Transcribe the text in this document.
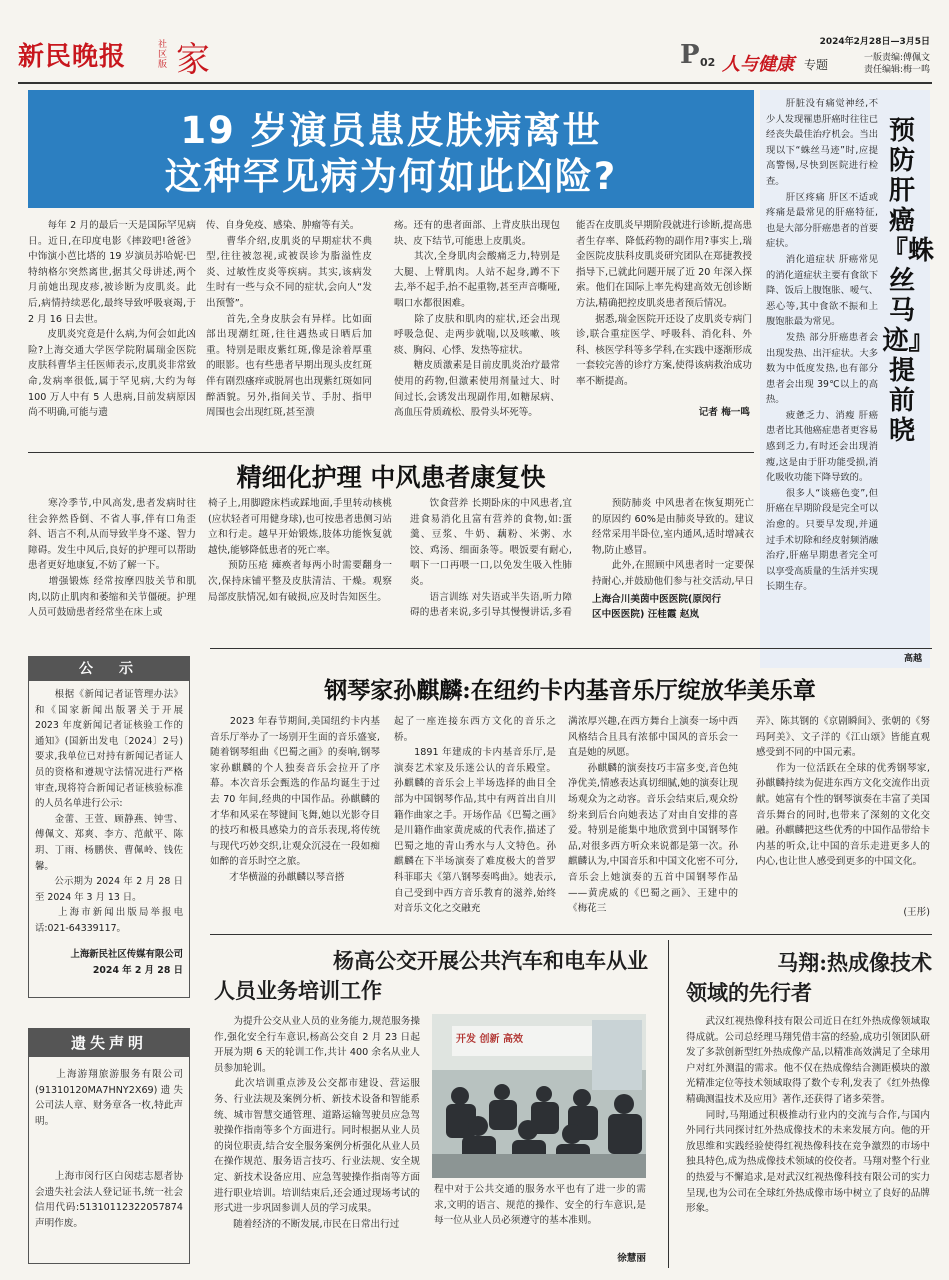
新民晚报	社区版 家	P 02 人与健康 专题
2024年2月28日—3月5日
一版责编:傅佩文
责任编辑:梅一鸣
19 岁演员患皮肤病离世
这种罕见病为何如此凶险?
　　每年 2 月的最后一天是国际罕见病日。近日,在印度电影《摔跤吧!爸爸》中饰演小芭比塔的 19 岁演员苏哈妮·巴特纳格尔突然离世,据其父母讲述,两个月前她出现皮疹,被诊断为皮肌炎。此后,病情持续恶化,最终导致呼吸衰竭,于 2 月 16 日去世。
　　皮肌炎究竟是什么病,为何会如此凶险?上海交通大学医学院附属瑞金医院皮肤科曹华主任医师表示,皮肌炎非常致命,发病率很低,属于罕见病,大约为每 100 万人中有 5 人患病,目前发病原因尚不明确,可能与遗
传、自身免疫、感染、肿瘤等有关。
　　曹华介绍,皮肌炎的早期症状不典型,往往被忽视,或被误诊为脂溢性皮炎、过敏性皮炎等疾病。其实,该病发生时有一些与众不同的症状,会向人“发出预警”。
　　首先,全身皮肤会有异样。比如面部出现潮红斑,往往遇热或日晒后加重。特别是眼皮紫红斑,像是涂着厚重的眼影。也有些患者早期出现头皮红斑伴有剧烈瘙痒或脱屑也出现紫红斑如同醉酒貌。另外,指间关节、手肘、指甲周围也会出现红斑,甚至溃
疡。还有的患者面部、上背皮肤出现包块、皮下结节,可能患上皮肌炎。
　　其次,全身肌肉会酸痛乏力,特别是大腿、上臂肌肉。人站不起身,蹲不下去,举不起手,抬不起重物,甚至声音嘶哑,咽口水都很困难。
　　除了皮肤和肌肉的症状,还会出现呼吸急促、走两步就喘,以及咳嗽、咳痰、胸闷、心悸、发热等症状。
　　糖皮质激素是目前皮肌炎治疗最常使用的药物,但激素使用剂量过大、时间过长,会诱发出现副作用,如糖尿病、高血压骨质疏松、股骨头坏死等。
能否在皮肌炎早期阶段就进行诊断,提高患者生存率、降低药物的副作用?事实上,瑞金医院皮肤科皮肌炎研究团队在郑捷教授指导下,已就此问题开展了近 20 年深入探索。他们在国际上率先构建高效无创诊断方法,精确把控皮肌炎患者预后情况。
　　据悉,瑞金医院开还设了皮肌炎专病门诊,联合重症医学、呼吸科、消化科、外科、核医学科等多学科,在实践中逐渐形成一套较完善的诊疗方案,使得该病救治成功率不断提高。
记者 梅一鸣
预防肝癌『蛛丝马迹』提前晓
　　肝脏没有痛觉神经,不少人发现罹患肝癌时往往已经丧失最佳治疗机会。当出现以下“蛛丝马迹”时,应提高警惕,尽快到医院进行检查。
　　肝区疼痛 肝区不适或疼痛是最常见的肝癌特征,也是大部分肝癌患者的首要症状。
　　消化道症状 肝癌常见的消化道症状主要有食欲下降、饭后上腹饱胀、嗳气、恶心等,其中食欲不振和上腹饱胀最为常见。
　　发热 部分肝癌患者会出现发热、出汗症状。大多数为中低度发热,也有部分患者会出现 39℃以上的高热。
　　疲惫乏力、消瘦 肝癌患者比其他癌症患者更容易感到乏力,有时还会出现消瘦,这是由于肝功能受损,消化吸收功能下降导致的。
　　很多人“谈癌色变”,但肝癌在早期阶段是完全可以治愈的。只要早发现,并通过手术切除和经皮射频消融治疗,肝癌早期患者完全可以享受高质量的生活并实现长期生存。
高越
精细化护理 中风患者康复快
　　寒冷季节,中风高发,患者发病时往往会猝然昏倒、不省人事,伴有口角歪斜、语言不利,从而导致半身不遂、智力障碍。发生中风后,良好的护理可以帮助患者更好地康复,不妨了解一下。
　　增强锻炼 经常按摩四肢关节和肌肉,以防止肌肉和萎缩和关节僵硬。护理人员可鼓励患者经常坐在床上或
椅子上,用脚蹬床档或踩地面,手里转动核桃(应状轻者可用健身球),也可按患者患侧习站立和行走。越早开始锻炼,肢体功能恢复就越快,能够降低患者的死亡率。
　　预防压疮 瘫痪者每两小时需要翻身一次,保持床铺平整及皮肤清洁、干燥。观察局部皮肤情况,如有破损,应及时告知医生。
　　饮食营养 长期卧床的中风患者,宜进食易消化且富有营养的食物,如:蛋羹、豆浆、牛奶、藕粉、米粥、水饺、鸡汤、细面条等。喂饭要有耐心,咽下一口再喂一口,以免发生吸入性肺炎。
　　语言训练 对失语或半失语,听力障碍的患者来说,多引导其慢慢讲话,多看
　　预防肺炎 中风患者在恢复期死亡的原因约 60%是由肺炎导致的。建议经常采用半卧位,室内通风,适时增减衣物,防止感冒。
　　此外,在照顾中风患者时一定要保持耐心,并鼓励他们参与社交活动,早日
上海合川美茵中医医院(原闵行
区中医医院) 汪桂霞 赵岚
公　示
　　根据《新闻记者证管理办法》和《国家新闻出版署关于开展 2023 年度新闻记者证核验工作的通知》(国新出发电〔2024〕2号)要求,我单位已对持有新闻记者证人员的资格和遵规守法情况进行严格审查,现将符合新闻记者证核验标准的人员名单进行公示:
　　金蕾、王萱、顾静燕、钟雪、傅佩文、郑爽、李方、范献平、陈玥、丁雨、杨鹏侠、曹佩岭、钱佐馨。
　　公示期为 2024 年 2 月 28 日至 2024 年 3 月 13 日。
　　上海市新闻出版局举报电话:021-64339117。
上海新民社区传媒有限公司
2024 年 2 月 28 日
遗失声明
　　上海游翔旅游服务有限公司(91310120MA7HNY2X69)遗失公司法人章、财务章各一枚,特此声明。
　　上海市闵行区白闵痣志愿者协会遗失社会法人登记证书,统一社会信用代码:51310112322057874声明作废。
钢琴家孙麒麟:在纽约卡内基音乐厅绽放华美乐章
　　2023 年春节期间,美国纽约卡内基音乐厅举办了一场别开生面的音乐盛宴,随着钢琴组曲《巴蜀之画》的奏响,钢琴家孙麒麟的个人独奏音乐会拉开了序幕。本次音乐会甄选的作品均诞生于过去 70 年间,经典的中国作品。孙麒麟的才华和风采在琴键间飞舞,她以光影夺目的技巧和极具感染力的音乐表现,将传统与现代巧妙交织,让观众沉浸在一段如痴如醉的音乐时空之旅。
　　才华横溢的孙麒麟以琴音搭
起了一座连接东西方文化的音乐之桥。
　　1891 年建成的卡内基音乐厅,是演奏艺术家及乐迷公认的音乐殿堂。孙麒麟的音乐会上半场选择的曲目全部为中国钢琴作品,其中有两首出自川籍作曲家之手。开场作品《巴蜀之画》是川籍作曲家黄虎威的代表作,描述了巴蜀之地的青山秀水与人文特色。孙麒麟在下半场演奏了难度极大的普罗科菲耶夫《第八钢琴奏鸣曲》。她表示,自己受到中西方音乐教育的滋养,始终对音乐文化之交融充
满浓厚兴趣,在西方舞台上演奏一场中西风格结合且具有浓郁中国风的音乐会一直是她的夙愿。
　　孙麒麟的演奏技巧丰富多变,音色纯净优美,情感表达真切细腻,她的演奏让现场观众为之动容。音乐会结束后,观众纷纷来到后台向她表达了对由自安排的喜爱。特别是能集中地欣赏到中国钢琴作品,对很多西方听众来说都是第一次。孙麒麟认为,中国音乐和中国文化密不可分,音乐会上她演奏的五首中国钢琴作品——黄虎威的《巴蜀之画》、王建中的《梅花三
弄》、陈其钢的《京剧瞬间》、张朝的《努玛阿美》、文子洋的《江山颂》皆能直观感受到不同的中国元素。
　　作为一位活跃在全球的优秀钢琴家,孙麒麟持续为促进东西方文化交流作出贡献。她富有个性的钢琴演奏在丰富了美国音乐舞台的同时,也带来了深刻的文化交融。孙麒麟把这些优秀的中国作品带给卡内基的听众,让中国的音乐走进更多人的内心,也让世人感受到更多的中国文化。
(王彤)
杨高公交开展公共汽车和电车从业
人员业务培训工作
　　为提升公交从业人员的业务能力,规范服务操作,强化安全行车意识,杨高公交自 2 月 23 日起开展为期 6 天的轮训工作,共计 400 余名从业人员参加轮训。
　　此次培训重点涉及公交都市建设、营运服务、行业法规及案例分析、新技术设备和智能系统、城市智慧交通管理、道路运输驾驶员应急驾驶操作指南等多个方面进行。同时根据从业人员的岗位职责,结合安全服务案例分析强化从业人员在操作规范、服务语言技巧、行业法规、安全规定、新技术设备应用、应急驾驶操作指南等方面进行职业培训。培训结束后,还会通过现场考试的形式进一步巩固参训人员的学习成果。
　　随着经济的不断发展,市民在日常出行过
开发 创新 高效
程中对于公共交通的服务水平也有了进一步的需求,文明的语言、规范的操作、安全的行车意识,是每一位从业人员必须遵守的基本准则。
徐慧丽
马翔:热成像技术
领域的先行者
　　武汉红视热像科技有限公司近日在红外热成像领域取得成就。公司总经理马翔凭借丰富的经验,成功引领团队研发了多款创新型红外热成像产品,以精准高效满足了全球用户对红外测温的需求。他不仅在热成像结合测距模块的激光精准定位等技术领域取得了数个专利,发表了《红外热像精确测温技术及应用》著作,还获得了诸多荣誉。
　　同时,马翔通过积极推动行业内的交流与合作,与国内外同行共同探讨红外热成像技术的未来发展方向。他的开放思维和实践经验使得红视热像科技在竞争激烈的市场中独具特色,成为热成像技术领域的佼佼者。马翔对整个行业的热爱与不懈追求,是对武汉红视热像科技有限公司的实力呈现,也为公司在全球红外热成像市场中树立了良好的品牌形象。
